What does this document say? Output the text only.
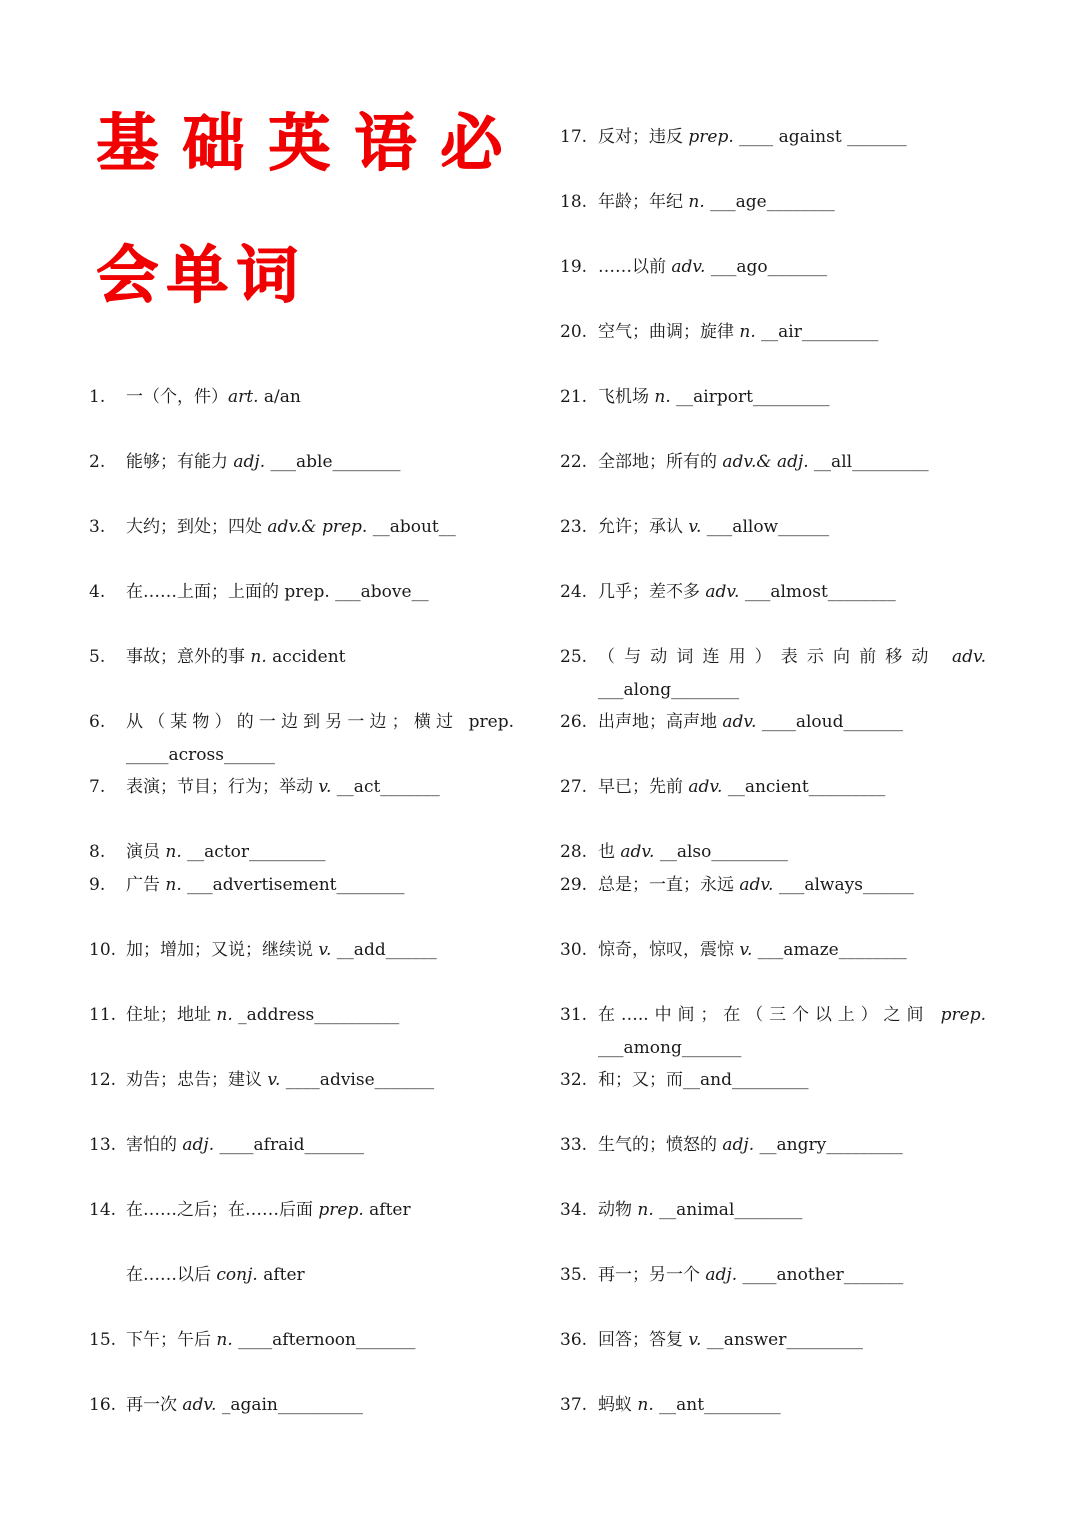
基础英语必
会单词
1. 一（个，件）art. a/an
2. 能够；有能力 adj. ___able________
3. 大约；到处；四处 adv.& prep. __about__
4. 在……上面；上面的 prep. ___above__
5. 事故；意外的事 n. accident
6. 从（某物）的一边到另一边；横过 prep.
_____across______
7. 表演；节目；行为；举动 v. __act_______
8. 演员 n. __actor_________
9. 广告 n. ___advertisement________
10. 加；增加；又说；继续说 v. __add______
11. 住址；地址 n. _address__________
12. 劝告；忠告；建议 v. ____advise_______
13. 害怕的 adj. ____afraid_______
14. 在……之后；在……后面 prep. after
在……以后 conj. after
15. 下午；午后 n. ____afternoon_______
16. 再一次 adv. _again__________
17. 反对；违反 prep. ____ against _______
18. 年龄；年纪 n. ___age________
19. ……以前 adv. ___ago_______
20. 空气；曲调；旋律 n. __air_________
21. 飞机场 n. __airport_________
22. 全部地；所有的 adv.& adj. __all_________
23. 允许；承认 v. ___allow______
24. 几乎；差不多 adv. ___almost________
25. （与动词连用）表示向前移动 adv.
___along________
26. 出声地；高声地 adv. ____aloud_______
27. 早已；先前 adv. __ancient_________
28. 也 adv. __also_________
29. 总是；一直；永远 adv. ___always______
30. 惊奇，惊叹，震惊 v. ___amaze________
31. 在…..中间；在（三个以上）之间 prep.
___among_______
32. 和；又；而__and_________
33. 生气的；愤怒的 adj. __angry_________
34. 动物 n. __animal________
35. 再一；另一个 adj. ____another_______
36. 回答；答复 v. __answer_________
37. 蚂蚁 n. __ant_________
